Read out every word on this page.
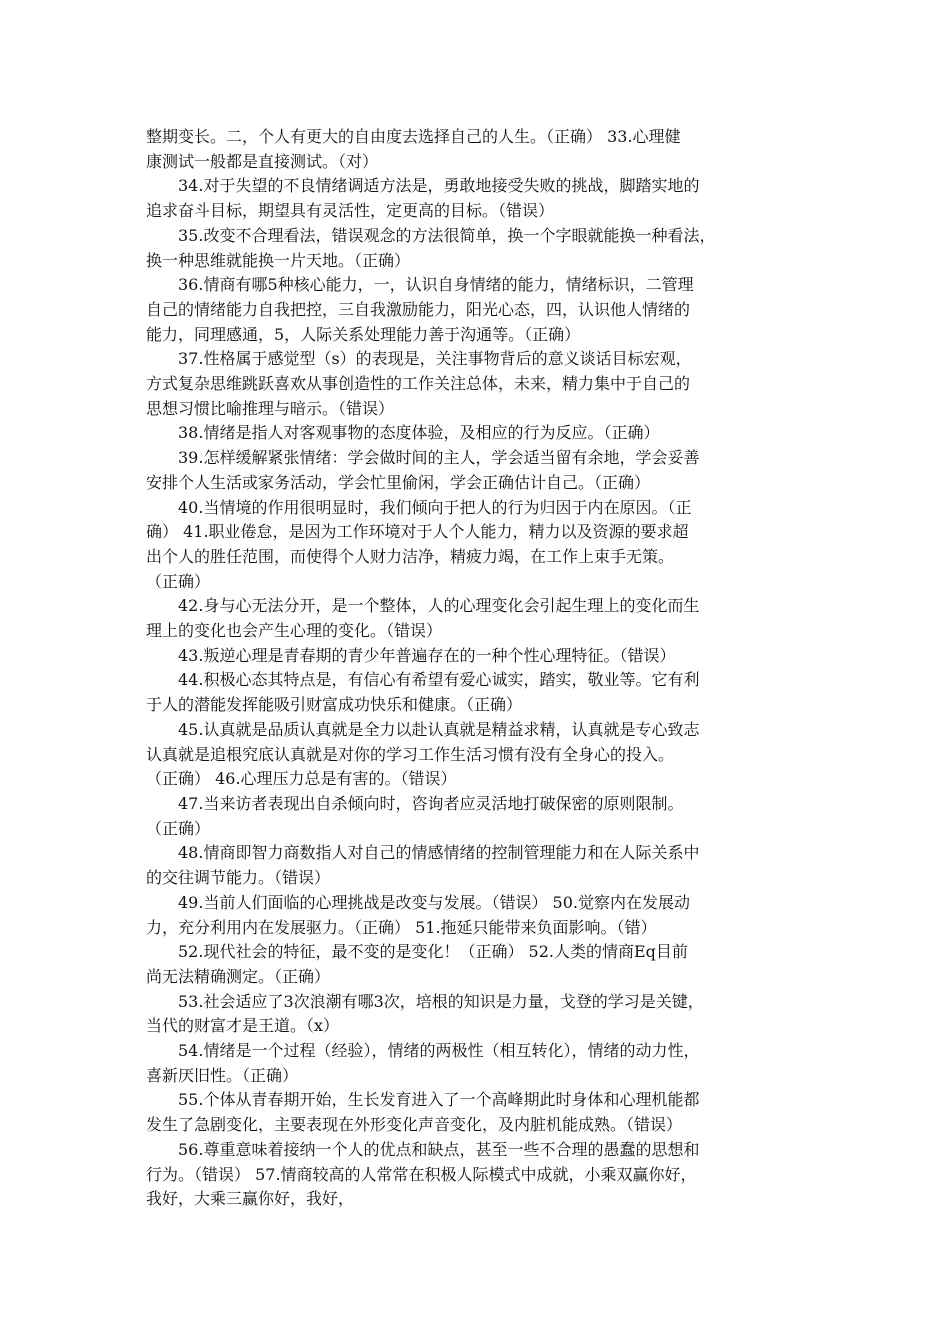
整期变长。二，个人有更大的自由度去选择自己的人生。（正确） 33.心理健
康测试一般都是直接测试。（对）

　　34.对于失望的不良情绪调适方法是，勇敢地接受失败的挑战，脚踏实地的
追求奋斗目标，期望具有灵活性，定更高的目标。（错误）

　　35.改变不合理看法，错误观念的方法很简单，换一个字眼就能换一种看法，
换一种思维就能换一片天地。（正确）

　　36.情商有哪5种核心能力，一，认识自身情绪的能力，情绪标识，二管理
自己的情绪能力自我把控，三自我激励能力，阳光心态，四，认识他人情绪的
能力，同理感通，5，人际关系处理能力善于沟通等。（正确）

　　37.性格属于感觉型（s）的表现是，关注事物背后的意义谈话目标宏观，
方式复杂思维跳跃喜欢从事创造性的工作关注总体，未来，精力集中于自己的
思想习惯比喻推理与暗示。（错误）

　　38.情绪是指人对客观事物的态度体验，及相应的行为反应。（正确）

　　39.怎样缓解紧张情绪：学会做时间的主人，学会适当留有余地，学会妥善
安排个人生活或家务活动，学会忙里偷闲，学会正确估计自己。（正确）

　　40.当情境的作用很明显时，我们倾向于把人的行为归因于内在原因。（正
确） 41.职业倦怠，是因为工作环境对于人个人能力，精力以及资源的要求超
出个人的胜任范围，而使得个人财力洁净，精疲力竭，在工作上束手无策。
（正确）

　　42.身与心无法分开，是一个整体，人的心理变化会引起生理上的变化而生
理上的变化也会产生心理的变化。（错误）

　　43.叛逆心理是青春期的青少年普遍存在的一种个性心理特征。（错误）

　　44.积极心态其特点是，有信心有希望有爱心诚实，踏实，敬业等。它有利
于人的潜能发挥能吸引财富成功快乐和健康。（正确）

　　45.认真就是品质认真就是全力以赴认真就是精益求精，认真就是专心致志
认真就是追根究底认真就是对你的学习工作生活习惯有没有全身心的投入。
（正确） 46.心理压力总是有害的。（错误）

　　47.当来访者表现出自杀倾向时，咨询者应灵活地打破保密的原则限制。
（正确）

　　48.情商即智力商数指人对自己的情感情绪的控制管理能力和在人际关系中
的交往调节能力。（错误）

　　49.当前人们面临的心理挑战是改变与发展。（错误） 50.觉察内在发展动
力，充分利用内在发展驱力。（正确） 51.拖延只能带来负面影响。（错）

　　52.现代社会的特征，最不变的是变化！（正确） 52.人类的情商Eq目前
尚无法精确测定。（正确）

　　53.社会适应了3次浪潮有哪3次，培根的知识是力量，戈登的学习是关键，
当代的财富才是王道。（x）

　　54.情绪是一个过程（经验），情绪的两极性（相互转化），情绪的动力性，
喜新厌旧性。（正确）

　　55.个体从青春期开始，生长发育进入了一个高峰期此时身体和心理机能都
发生了急剧变化，主要表现在外形变化声音变化，及内脏机能成熟。（错误）

　　56.尊重意味着接纳一个人的优点和缺点，甚至一些不合理的愚蠢的思想和
行为。（错误） 57.情商较高的人常常在积极人际模式中成就，小乘双赢你好，
我好，大乘三赢你好，我好，
